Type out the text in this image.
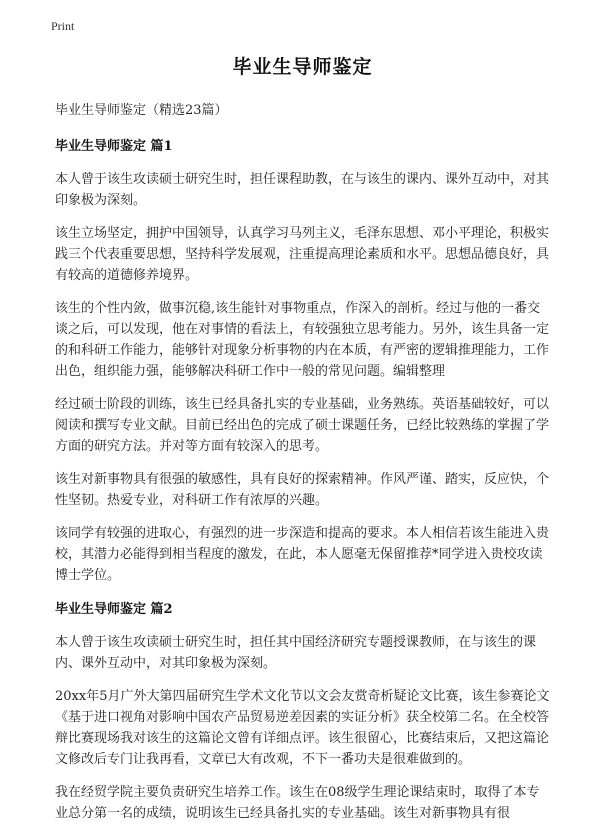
Print
毕业生导师鉴定
毕业生导师鉴定（精选23篇）
毕业生导师鉴定 篇1

本人曾于该生攻读硕士研究生时，担任课程助教，在与该生的课内、课外互动中，对其印象极为深刻。

该生立场坚定，拥护中国领导，认真学习马列主义，毛泽东思想、邓小平理论，积极实践三个代表重要思想，坚持科学发展观，注重提高理论素质和水平。思想品德良好，具有较高的道德修养境界。

该生的个性内敛，做事沉稳,该生能针对事物重点，作深入的剖析。经过与他的一番交谈之后，可以发现，他在对事情的看法上，有较强独立思考能力。另外，该生具备一定的和科研工作能力，能够针对现象分析事物的内在本质，有严密的逻辑推理能力，工作出色，组织能力强，能够解决科研工作中一般的常见问题。编辑整理

经过硕士阶段的训练，该生已经具备扎实的专业基础，业务熟练。英语基础较好，可以阅读和撰写专业文献。目前已经出色的完成了硕士课题任务，已经比较熟练的掌握了学方面的研究方法。并对等方面有较深入的思考。

该生对新事物具有很强的敏感性，具有良好的探索精神。作风严谨、踏实，反应快，个性坚韧。热爱专业，对科研工作有浓厚的兴趣。

该同学有较强的进取心，有强烈的进一步深造和提高的要求。本人相信若该生能进入贵校，其潜力必能得到相当程度的激发，在此，本人愿毫无保留推荐*同学进入贵校攻读博士学位。

毕业生导师鉴定 篇2

本人曾于该生攻读硕士研究生时，担任其中国经济研究专题授课教师，在与该生的课内、课外互动中，对其印象极为深刻。

20xx年5月广外大第四届研究生学术文化节以文会友赏奇析疑论文比赛，该生参赛论文《基于进口视角对影响中国农产品贸易逆差因素的实证分析》获全校第二名。在全校答辩比赛现场我对该生的这篇论文曾有详细点评。该生很留心，比赛结束后，又把这篇论文修改后专门让我再看，文章已大有改观，不下一番功夫是很难做到的。

我在经贸学院主要负责研究生培养工作。该生在08级学生理论课结束时，取得了本专业总分第一名的成绩，说明该生已经具备扎实的专业基础。该生对新事物具有很
